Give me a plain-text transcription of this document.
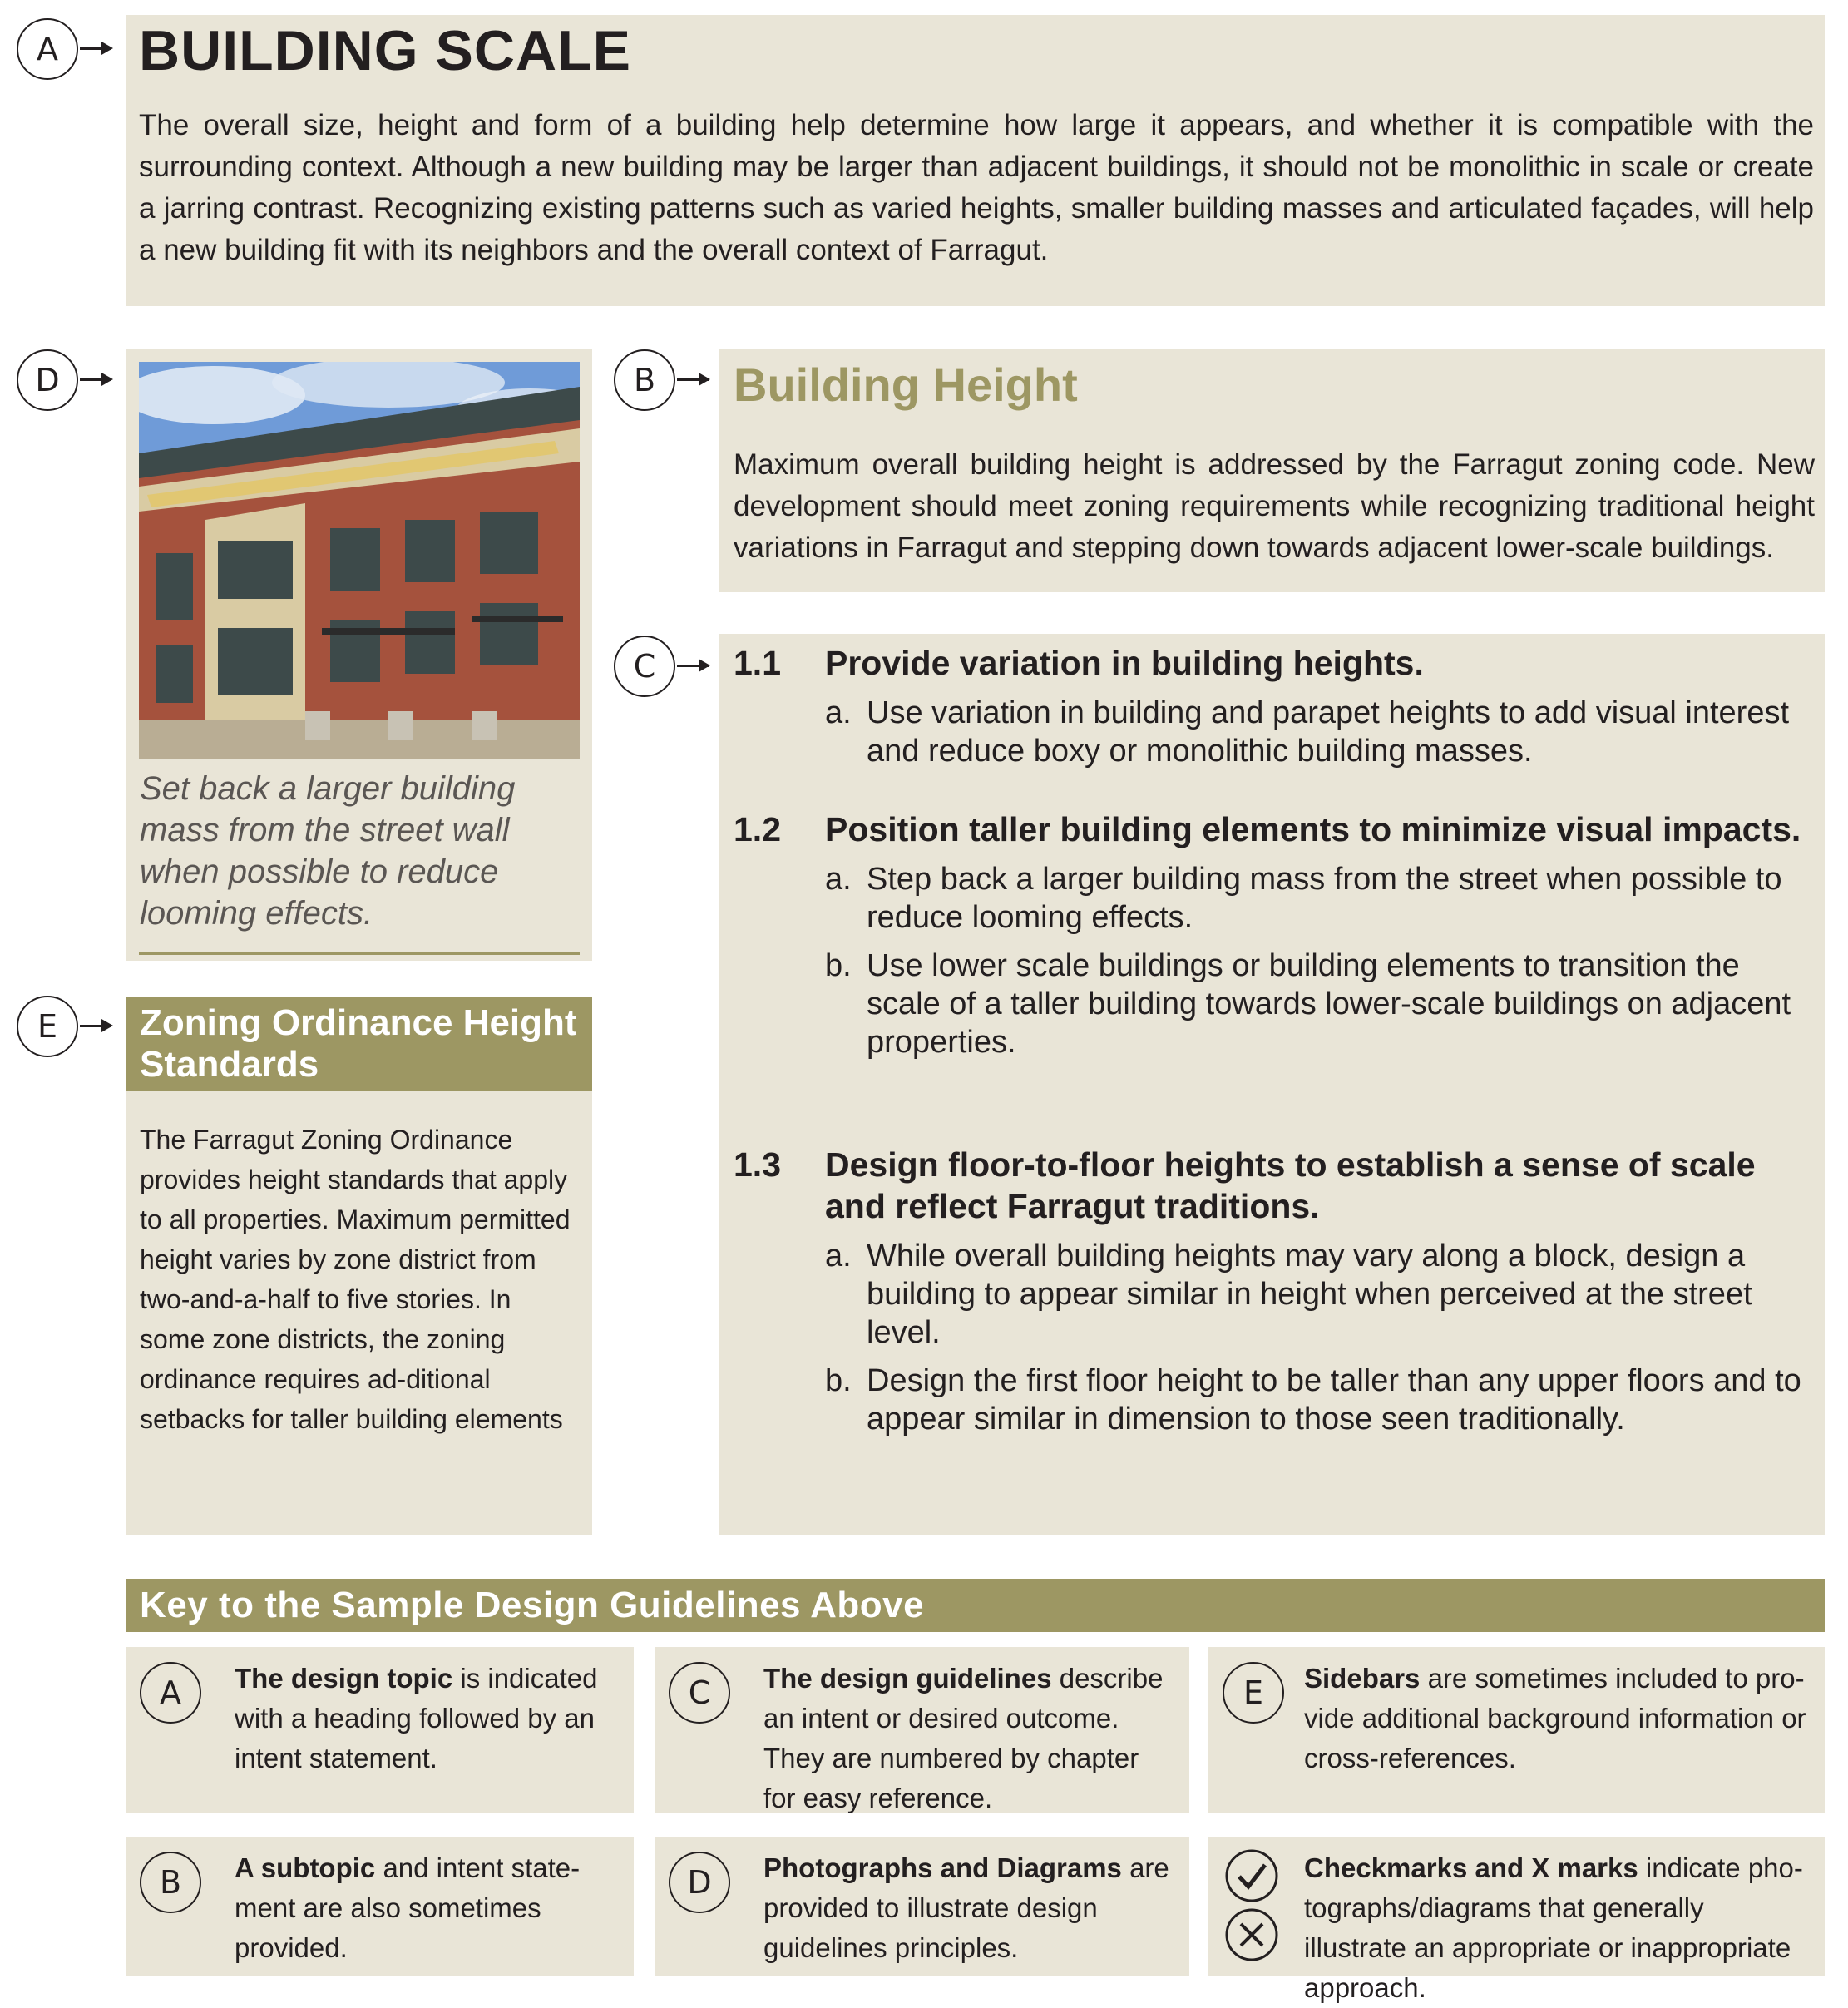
A	BUILDING SCALE

The overall size, height and form of a building help determine how large it appears, and whether it is compatible with the surrounding context. Although a new building may be larger than adjacent buildings, it should not be monolithic in scale or create a jarring contrast. Recognizing existing patterns such as varied heights, smaller building masses and articulated façades, will help a new building fit with its neighbors and the overall context of Farragut.

D

Set back a larger building mass from the street wall when possible to reduce looming effects.

E	Zoning Ordinance Height Standards

The Farragut Zoning Ordinance provides height standards that apply to all properties. Maximum permitted height varies by zone district from two-and-a-half to five stories. In some zone districts, the zoning ordinance requires ad-ditional setbacks for taller building elements

B	Building Height

Maximum overall building height is addressed by the Farragut zoning code. New development should meet zoning requirements while recognizing traditional height variations in Farragut and stepping down towards adjacent lower-scale buildings.

C	1.1	Provide variation in building heights.
a. Use variation in building and parapet heights to add visual interest and reduce boxy or monolithic building masses.
1.2	Position taller building elements to minimize visual impacts.
a. Step back a larger building mass from the street when possible to reduce looming effects.
b. Use lower scale buildings or building elements to transition the scale of a taller building towards lower-scale buildings on adjacent properties.
1.3	Design floor-to-floor heights to establish a sense of scale and reflect Farragut traditions.
a. While overall building heights may vary along a block, design a building to appear similar in height when perceived at the street level.
b. Design the first floor height to be taller than any upper floors and to appear similar in dimension to those seen traditionally.
Key to the Sample Design Guidelines Above
A	The design topic is indicated with a heading followed by an intent statement.

C	The design guidelines describe an intent or desired outcome. They are numbered by chapter for easy reference.

E	Sidebars are sometimes included to pro-vide additional background information or cross-references.

B	A subtopic and intent state-ment are also sometimes provided.

D	Photographs and Diagrams are provided to illustrate design guidelines principles.

Checkmarks and X marks indicate pho-tographs/diagrams that generally illustrate an appropriate or inappropriate approach.
